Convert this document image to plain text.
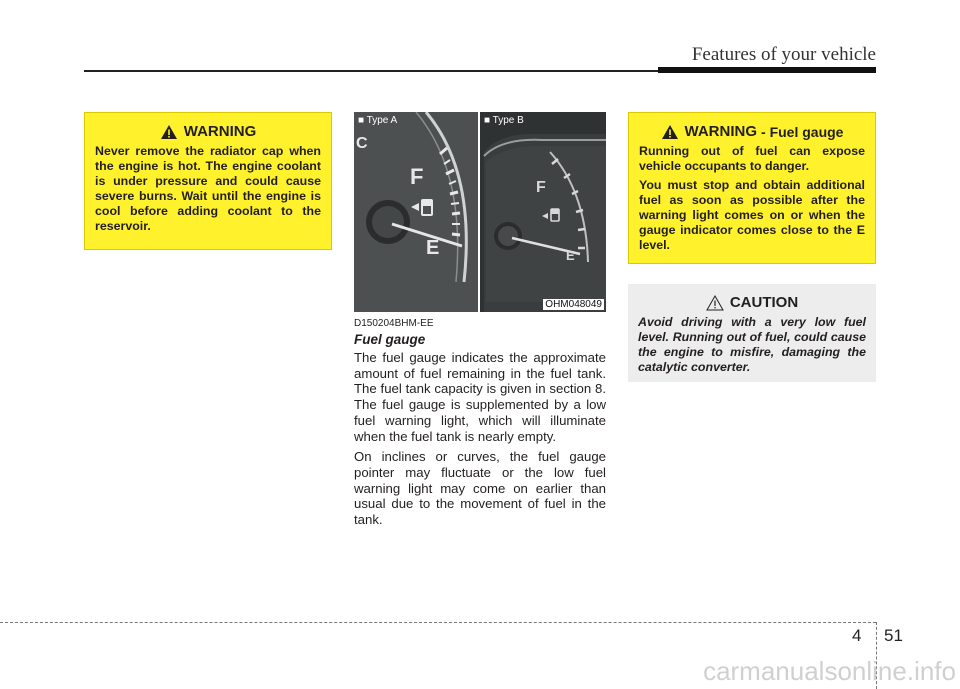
Features of your vehicle
WARNING

Never remove the radiator cap when the engine is hot. The engine coolant is under pressure and could cause severe burns. Wait until the engine is cool before adding coolant to the reservoir.

F
E
C
■ Type A
F
E
■ Type B
OHM048049
D150204BHM-EE
Fuel gauge

The fuel gauge indicates the approximate amount of fuel remaining in the fuel tank. The fuel tank capacity is given in section 8. The fuel gauge is supplemented by a low fuel warning light, which will illuminate when the fuel tank is nearly empty.

On inclines or curves, the fuel gauge pointer may fluctuate or the low fuel warning light may come on earlier than usual due to the movement of fuel in the tank.

WARNING - Fuel gauge

Running out of fuel can expose vehicle occupants to danger.

You must stop and obtain additional fuel as soon as possible after the warning light comes on or when the gauge indicator comes close to the E level.

CAUTION

Avoid driving with a very low fuel level. Running out of fuel, could cause the engine to misfire, damaging the catalytic converter.

4 51
carmanualsonline.info
